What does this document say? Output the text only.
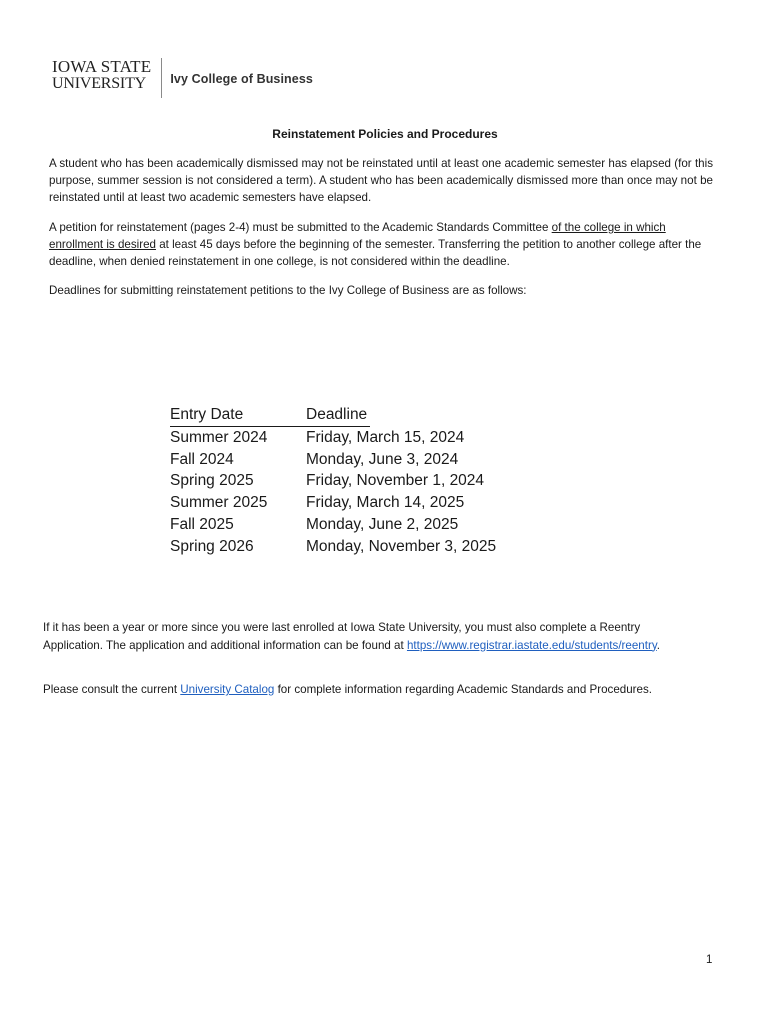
IOWA STATE
UNIVERSITY	Ivy College of Business
Reinstatement Policies and Procedures
A student who has been academically dismissed may not be reinstated until at least one academic semester has elapsed (for this purpose, summer session is not considered a term). A student who has been academically dismissed more than once may not be reinstated until at least two academic semesters have elapsed.
A petition for reinstatement (pages 2-4) must be submitted to the Academic Standards Committee of the college in which enrollment is desired at least 45 days before the beginning of the semester. Transferring the petition to another college after the deadline, when denied reinstatement in one college, is not considered within the deadline.
Deadlines for submitting reinstatement petitions to the Ivy College of Business are as follows:
Entry Date	Deadline
Summer 2024	Friday, March 15, 2024
Fall 2024	Monday, June 3, 2024
Spring 2025	Friday, November 1, 2024
Summer 2025	Friday, March 14, 2025
Fall 2025	Monday, June 2, 2025
Spring 2026	Monday, November 3, 2025
If it has been a year or more since you were last enrolled at Iowa State University, you must also complete a Reentry Application. The application and additional information can be found at https://www.registrar.iastate.edu/students/reentry.
Please consult the current University Catalog for complete information regarding Academic Standards and Procedures.
1
